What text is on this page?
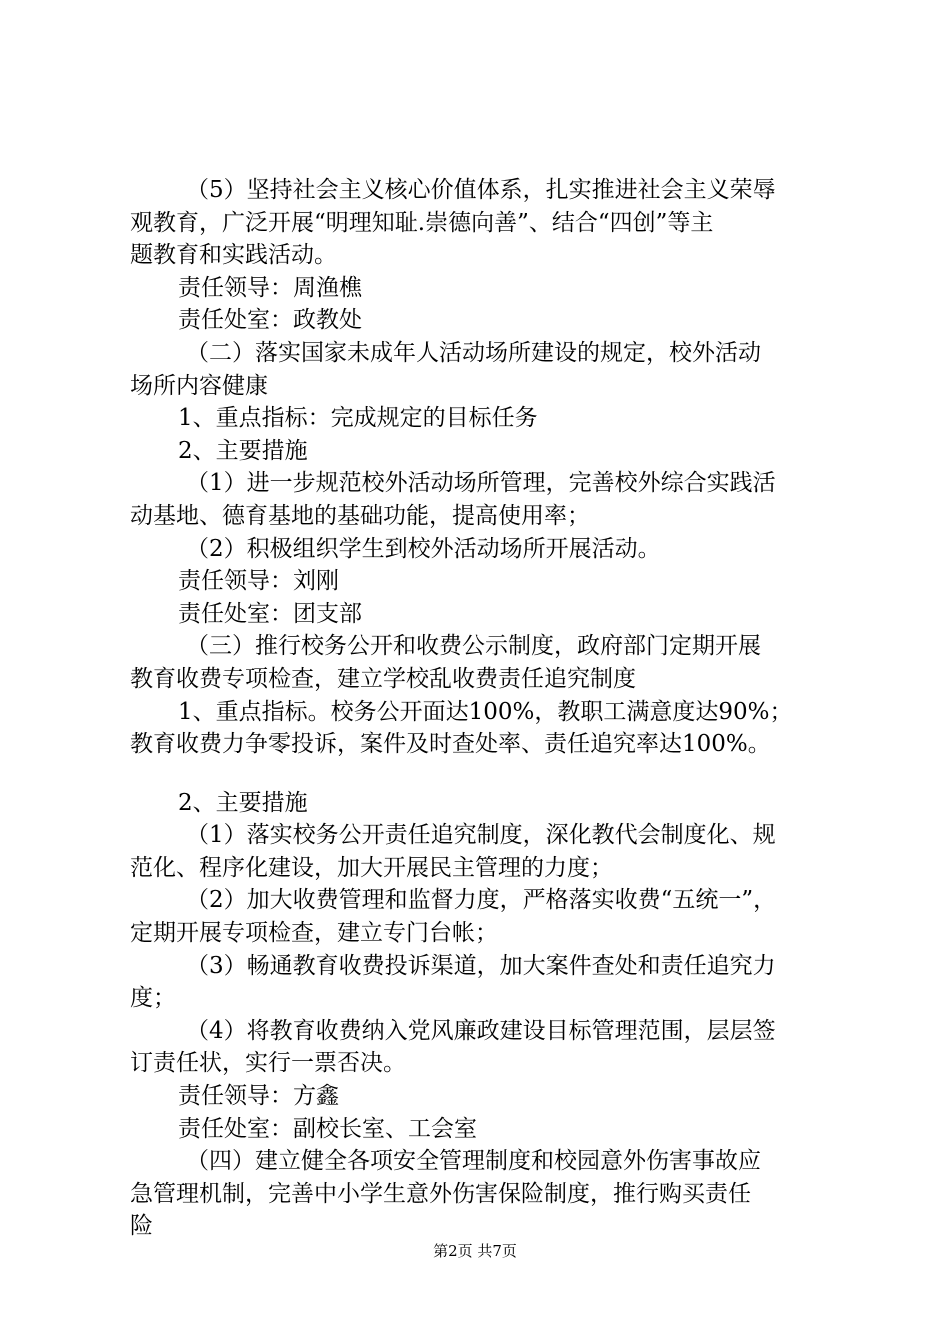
（5）坚持社会主义核心价值体系，扎实推进社会主义荣辱
观教育，广泛开展“明理知耻.崇德向善”、结合“四创”等主
题教育和实践活动。
责任领导：周渔樵
责任处室：政教处
（二）落实国家未成年人活动场所建设的规定，校外活动
场所内容健康
1、重点指标：完成规定的目标任务
2、主要措施
（1）进一步规范校外活动场所管理，完善校外综合实践活
动基地、德育基地的基础功能，提高使用率；
（2）积极组织学生到校外活动场所开展活动。
责任领导：刘刚
责任处室：团支部
（三）推行校务公开和收费公示制度，政府部门定期开展
教育收费专项检查，建立学校乱收费责任追究制度
1、重点指标。校务公开面达100%，教职工满意度达90%；
教育收费力争零投诉，案件及时查处率、责任追究率达100%。
2、主要措施
（1）落实校务公开责任追究制度，深化教代会制度化、规
范化、程序化建设，加大开展民主管理的力度；
（2）加大收费管理和监督力度，严格落实收费“五统一”，
定期开展专项检查，建立专门台帐；
（3）畅通教育收费投诉渠道，加大案件查处和责任追究力
度；
（4）将教育收费纳入党风廉政建设目标管理范围，层层签
订责任状，实行一票否决。
责任领导：方鑫
责任处室：副校长室、工会室
（四）建立健全各项安全管理制度和校园意外伤害事故应
急管理机制，完善中小学生意外伤害保险制度，推行购买责任
险
第2页 共7页
